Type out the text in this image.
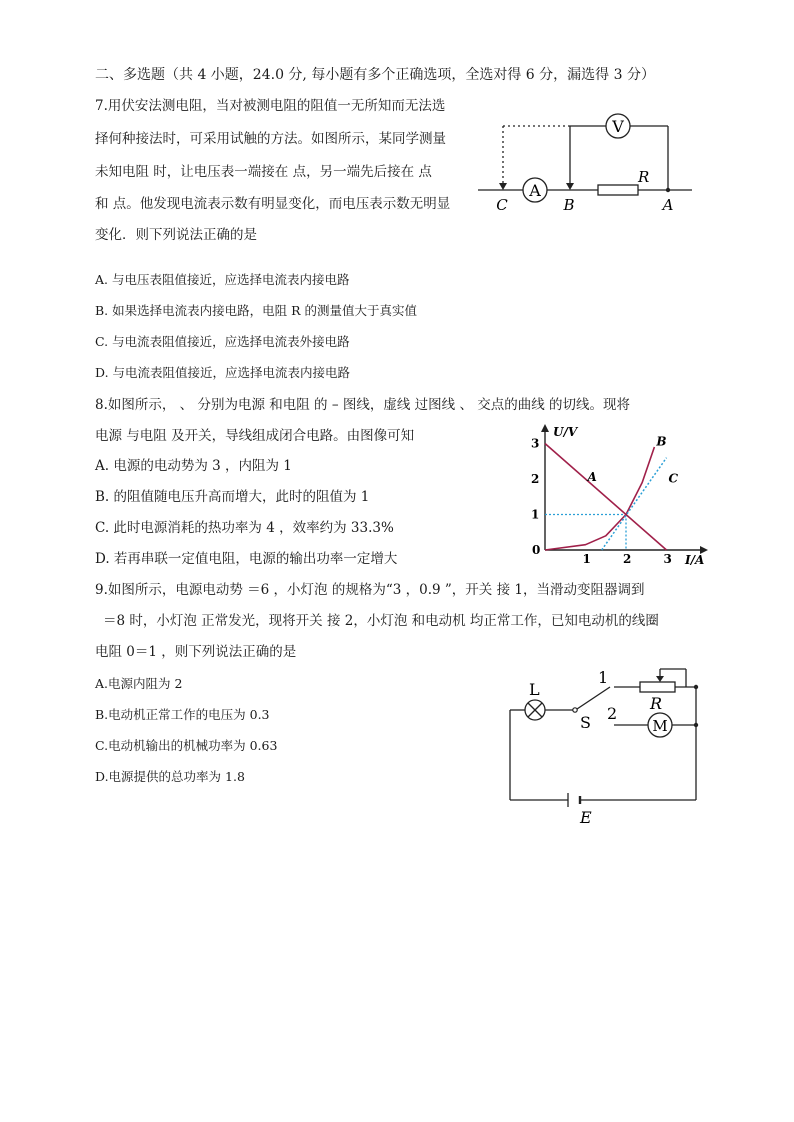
二、多选题（共 4 小题，24.0 分, 每小题有多个正确选项，全选对得 6 分，漏选得 3 分）
7.用伏安法测电阻，当对被测电阻的阻值一无所知而无法选
择何种接法时，可采用试触的方法。如图所示，某同学测量
未知电阻 时，让电压表一端接在 点，另一端先后接在 点
和 点。他发现电流表示数有明显变化，而电压表示数无明显
变化．则下列说法正确的是
A. 与电压表阻值接近，应选择电流表内接电路
B. 如果选择电流表内接电路，电阻 R 的测量值大于真实值
C. 与电流表阻值接近，应选择电流表外接电路
D. 与电流表阻值接近，应选择电流表内接电路
A
R
V
C	B	A
8.如图所示， 、 分别为电源 和电阻 的 – 图线，虚线 过图线 、 交点的曲线 的切线。现将
电源 与电阻 及开关，导线组成闭合电路。由图像可知
A. 电源的电动势为 3 ，内阻为 1
B. 的阻值随电压升高而增大，此时的阻值为 1
C. 此时电源消耗的热功率为 4 ，效率约为 33.3%
D. 若再串联一定值电阻，电源的输出功率一定增大
U/V
I/A
0
1
2
3
1	2	3
A
B
C
9.如图所示，电源电动势 ＝6 ，小灯泡 的规格为“3 ，0.9 ”，开关 接 1，当滑动变阻器调到
＝8 时，小灯泡 正常发光，现将开关 接 2，小灯泡 和电动机 均正常工作，已知电动机的线圈
电阻 0＝1 ，则下列说法正确的是
A.电源内阻为 2
B.电动机正常工作的电压为 0.3
C.电动机输出的机械功率为 0.63
D.电源提供的总功率为 1.8
E
L
S
1
2
R
M
